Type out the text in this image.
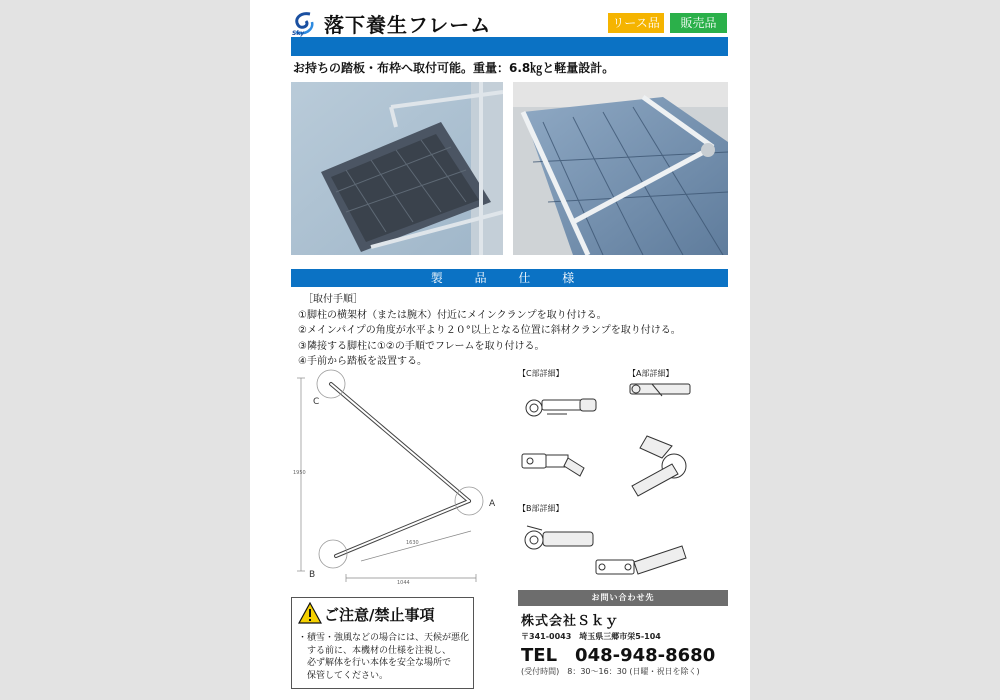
Sky 落下養生フレーム	リース品	販売品
お持ちの踏板・布枠へ取付可能。重量：6.8㎏と軽量設計。
製 品 仕 様
［取付手順］
①脚柱の横架材（または腕木）付近にメインクランプを取り付ける。
②メインパイプの角度が水平より２０°以上となる位置に斜材クランプを取り付ける。
③隣接する脚柱に①②の手順でフレームを取り付ける。
④手前から踏板を設置する。
1950
1630
1044
C
A
B
【C部詳細】	【A部詳細】
【B部詳細】
ご注意/禁止事項
・積雪・強風などの場合には、天候が悪化
　する前に、本機材の仕様を注視し、
　必ず解体を行い本体を安全な場所で
　保管してください。
お問い合わせ先
株式会社Ｓｋｙ
〒341-0043　埼玉県三郷市栄5-104
TEL　048-948-8680
(受付時間)　8：30〜16：30 (日曜・祝日を除く)
